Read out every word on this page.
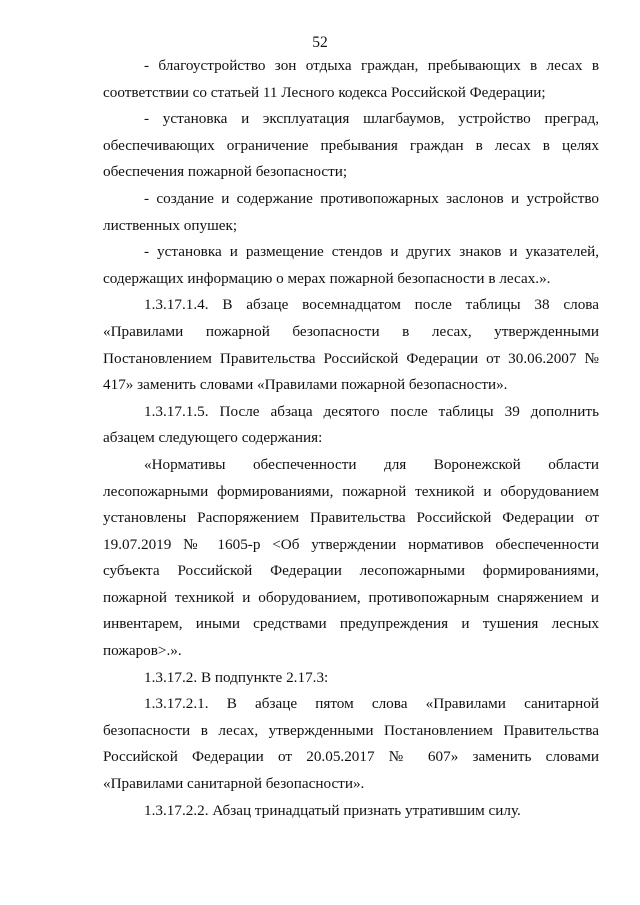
52

- благоустройство зон отдыха граждан, пребывающих в лесах в соответствии со статьей 11 Лесного кодекса Российской Федерации;

- установка и эксплуатация шлагбаумов, устройство преград, обеспечивающих ограничение пребывания граждан в лесах в целях обеспечения пожарной безопасности;

- создание и содержание противопожарных заслонов и устройство лиственных опушек;

- установка и размещение стендов и других знаков и указателей, содержащих информацию о мерах пожарной безопасности в лесах.».

1.3.17.1.4. В абзаце восемнадцатом после таблицы 38 слова «Правилами пожарной безопасности в лесах, утвержденными Постановлением Правительства Российской Федерации от 30.06.2007 № 417» заменить словами «Правилами пожарной безопасности».

1.3.17.1.5. После абзаца десятого после таблицы 39 дополнить абзацем следующего содержания:

«Нормативы обеспеченности для Воронежской области лесопожарными формированиями, пожарной техникой и оборудованием установлены Распоряжением Правительства Российской Федерации от 19.07.2019 № 1605-р <Об утверждении нормативов обеспеченности субъекта Российской Федерации лесопожарными формированиями, пожарной техникой и оборудованием, противопожарным снаряжением и инвентарем, иными средствами предупреждения и тушения лесных пожаров>.».

1.3.17.2. В подпункте 2.17.3:

1.3.17.2.1. В абзаце пятом слова «Правилами санитарной безопасности в лесах, утвержденными Постановлением Правительства Российской Федерации от 20.05.2017 № 607» заменить словами «Правилами санитарной безопасности».

1.3.17.2.2. Абзац тринадцатый признать утратившим силу.
